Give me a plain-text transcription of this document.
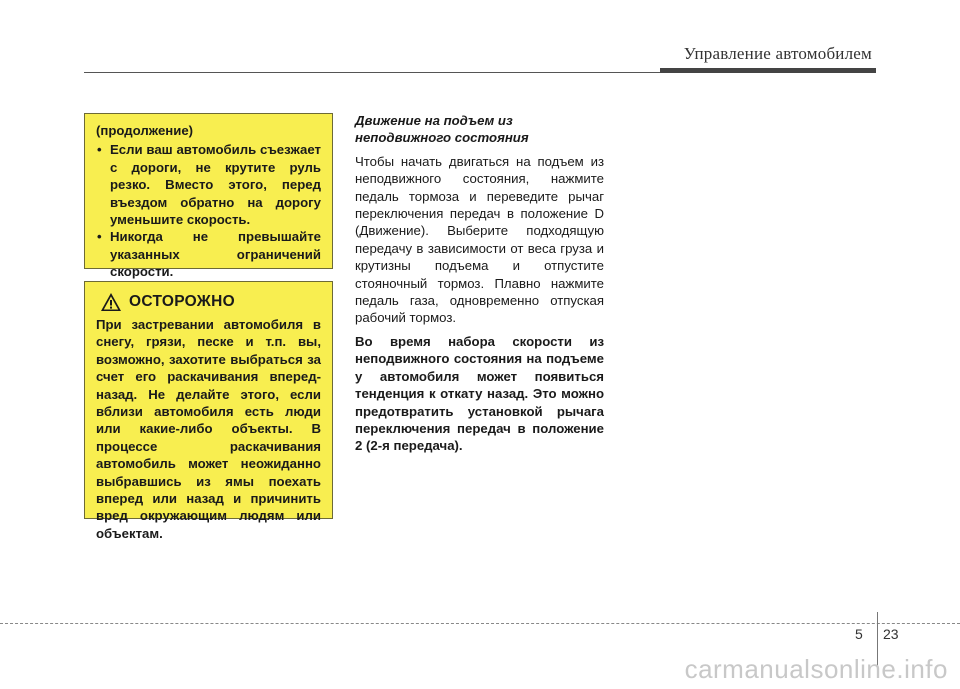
Управление автомобилем
(продолжение)
• Если ваш автомобиль съезжает с дороги, не крутите руль резко. Вместо этого, перед въездом обратно на дорогу уменьшите скорость.
• Никогда не превышайте указанных ограничений скорости.
ОСТОРОЖНО
При застревании автомобиля в снегу, грязи, песке и т.п. вы, возможно, захотите выбраться за счет его раскачивания вперед-назад. Не делайте этого, если вблизи автомобиля есть люди или какие-либо объекты. В процессе раскачивания автомобиль может неожиданно выбравшись из ямы поехать вперед или назад и причинить вред окружающим людям или объектам.
Движение на подъем из
неподвижного состояния

Чтобы начать двигаться на подъем из неподвижного состояния, нажмите педаль тормоза и переведите рычаг переключения передач в положение D (Движение). Выберите подходящую передачу в зависимости от веса груза и крутизны подъема и отпустите стояночный тормоз. Плавно нажмите педаль газа, одновременно отпуская рабочий тормоз.

Во время набора скорости из неподвижного состояния на подъеме у автомобиля может появиться тенденция к откату назад. Это можно предотвратить установкой рычага переключения передач в положение 2 (2-я передача).

5 23
carmanualsonline.info
